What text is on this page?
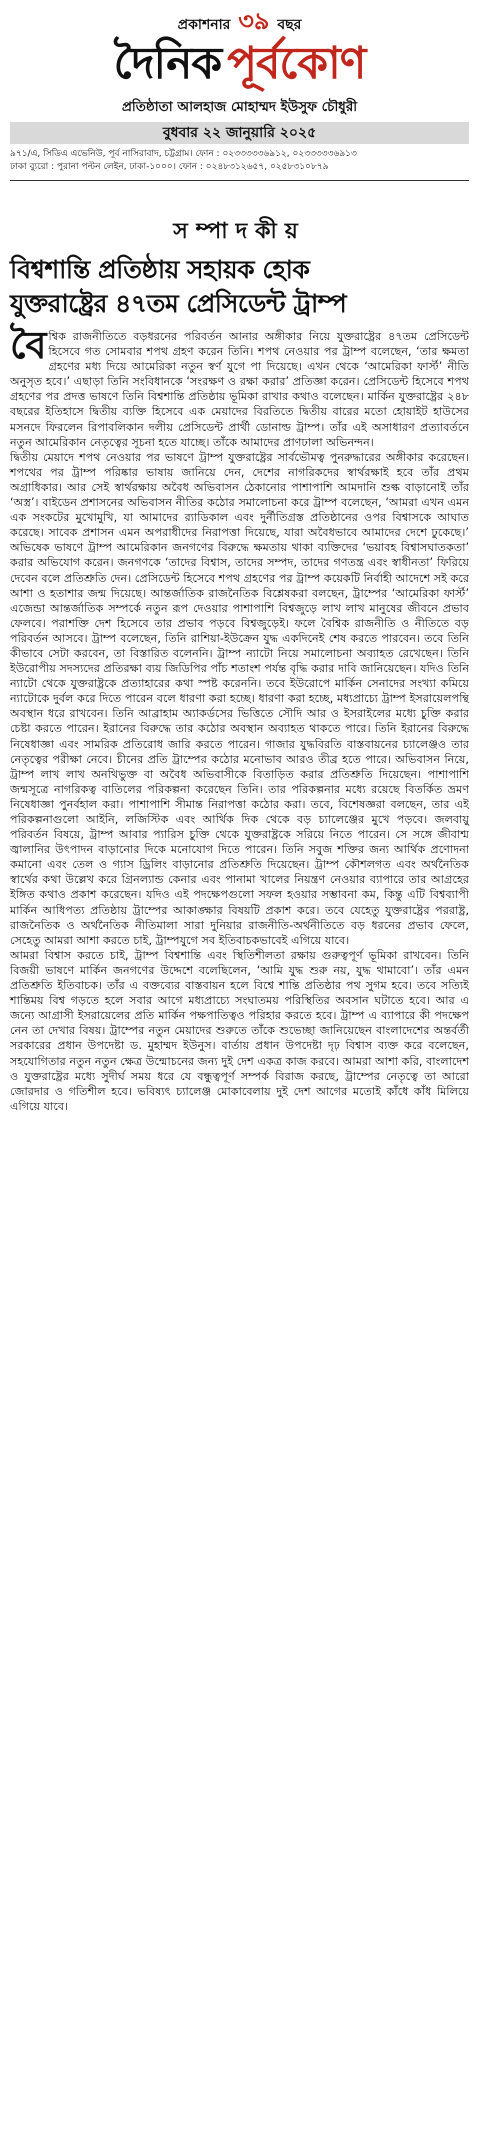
প্রকাশনার ৩৯ বছর
দৈনিক পূর্বকোণ
প্রতিষ্ঠাতা আলহাজ মোহাম্মদ ইউসুফ চৌধুরী
বুধবার ২২ জানুয়ারি ২০২৫
৯৭১/এ, সিডিএ এভেনিউ, পূর্ব নাসিরাবাদ, চট্টগ্রাম। ফোন : ০২৩৩৩৩৩৬৯১২, ০২৩৩৩৩৩৬৯১৩
ঢাকা ব্যুরো : পুরানা পল্টন লেইন, ঢাকা-১০০০। ফোন : ০২৪৮৩১২৬৫৭, ০২৫৮৩১০৮৭৯
সম্পাদকীয়
বিশ্বশান্তি প্রতিষ্ঠায় সহায়ক হোক
যুক্তরাষ্ট্রের ৪৭তম প্রেসিডেন্ট ট্রাম্প

বৈশ্বিক রাজনীতিতে বড়ধরনের পরিবর্তন আনার অঙ্গীকার নিয়ে যুক্তরাষ্ট্রের ৪৭তম প্রেসিডেন্ট হিসেবে গত সোমবার শপথ গ্রহণ করেন তিনি। শপথ নেওয়ার পর ট্রাম্প বলেছেন, ‘তার ক্ষমতা গ্রহণের মধ্য দিয়ে আমেরিকা নতুন স্বর্ণ যুগে পা দিয়েছে। এখন থেকে ‘আমেরিকা ফার্স্ট’ নীতি অনুসৃত হবে।’ এছাড়া তিনি সংবিধানকে ‘সংরক্ষণ ও রক্ষা করার’ প্রতিজ্ঞা করেন। প্রেসিডেন্ট হিসেবে শপথ গ্রহণের পর প্রদত্ত ভাষণে তিনি বিশ্বশান্তি প্রতিষ্ঠায় ভূমিকা রাখার কথাও বলেছেন। মার্কিন যুক্তরাষ্ট্রের ২৪৮ বছরের ইতিহাসে দ্বিতীয় ব্যক্তি হিসেবে এক মেয়াদের বিরতিতে দ্বিতীয় বারের মতো হোয়াইট হাউসের মসনদে ফিরলেন রিপাবলিকান দলীয় প্রেসিডেন্ট প্রার্থী ডোনাল্ড ট্রাম্প। তাঁর এই অসাধারণ প্রত্যাবর্তনে নতুন আমেরিকান নেতৃত্বের সূচনা হতে যাচ্ছে। তাঁকে আমাদের প্রাণঢালা অভিনন্দন।

দ্বিতীয় মেয়াদে শপথ নেওয়ার পর ভাষণে ট্রাম্প যুক্তরাষ্ট্রের সার্বভৌমত্ব পুনরুদ্ধারের অঙ্গীকার করেছেন। শপথের পর ট্রাম্প পরিষ্কার ভাষায় জানিয়ে দেন, দেশের নাগরিকদের স্বার্থরক্ষাই হবে তাঁর প্রথম অগ্রাধিকার। আর সেই স্বার্থরক্ষায় অবৈধ অভিবাসন ঠেকানোর পাশাপাশি আমদানি শুল্ক বাড়ানোই তাঁর ‘অস্ত্র’। বাইডেন প্রশাসনের অভিবাসন নীতির কঠোর সমালোচনা করে ট্রাম্প বলেছেন, ‘আমরা এখন এমন এক সংকটের মুখোমুখি, যা আমাদের র‍্যাডিকাল এবং দুর্নীতিগ্রস্ত প্রতিষ্ঠানের ওপর বিশ্বাসকে আঘাত করেছে। সাবেক প্রশাসন এমন অপরাধীদের নিরাপত্তা দিয়েছে, যারা অবৈধভাবে আমাদের দেশে ঢুকেছে।’ অভিষেক ভাষণে ট্রাম্প আমেরিকান জনগণের বিরুদ্ধে ক্ষমতায় থাকা ব্যক্তিদের ‘ভয়াবহ বিশ্বাসঘাতকতা’ করার অভিযোগ করেন। জনগণকে ‘তাদের বিশ্বাস, তাদের সম্পদ, তাদের গণতন্ত্র এবং স্বাধীনতা’ ফিরিয়ে দেবেন বলে প্রতিশ্রুতি দেন। প্রেসিডেন্ট হিসেবে শপথ গ্রহণের পর ট্রাম্প কয়েকটি নির্বাহী আদেশে সই করে আশা ও হতাশার জন্ম দিয়েছে। আন্তর্জাতিক রাজনৈতিক বিশ্লেষকরা বলছেন, ট্রাম্পের ‘আমেরিকা ফার্স্ট’ এজেন্ডা আন্তর্জাতিক সম্পর্কে নতুন রূপ দেওয়ার পাশাপাশি বিশ্বজুড়ে লাখ লাখ মানুষের জীবনে প্রভাব ফেলবে। পরাশক্তি দেশ হিসেবে তার প্রভাব পড়বে বিশ্বজুড়েই। ফলে বৈশ্বিক রাজনীতি ও নীতিতে বড় পরিবর্তন আসবে। ট্রাম্প বলেছেন, তিনি রাশিয়া-ইউক্রেন যুদ্ধ একদিনেই শেষ করতে পারবেন। তবে তিনি কীভাবে সেটা করবেন, তা বিস্তারিত বলেননি। ট্রাম্প ন্যাটো নিয়ে সমালোচনা অব্যাহত রেখেছেন। তিনি ইউরোপীয় সদস্যদের প্রতিরক্ষা ব্যয় জিডিপির পাঁচ শতাংশ পর্যন্ত বৃদ্ধি করার দাবি জানিয়েছেন। যদিও তিনি ন্যাটো থেকে যুক্তরাষ্ট্রকে প্রত্যাহারের কথা স্পষ্ট করেননি। তবে ইউরোপে মার্কিন সেনাদের সংখ্যা কমিয়ে ন্যাটোকে দুর্বল করে দিতে পারেন বলে ধারণা করা হচ্ছে। ধারণা করা হচ্ছে, মধ্যপ্রাচ্যে ট্রাম্প ইসরায়েলপন্থি অবস্থান ধরে রাখবেন। তিনি আব্রাহাম অ্যাকর্ডসের ভিত্তিতে সৌদি আর ও ইসরাইলের মধ্যে চুক্তি করার চেষ্টা করতে পারেন। ইরানের বিরুদ্ধে তার কঠোর অবস্থান অব্যাহত থাকতে পারে। তিনি ইরানের বিরুদ্ধে নিষেধাজ্ঞা এবং সামরিক প্রতিরোধ জারি করতে পারেন। গাজার যুদ্ধবিরতি বাস্তবায়নের চ্যালেঞ্জও তার নেতৃত্বের পরীক্ষা নেবে। চীনের প্রতি ট্রাম্পের কঠোর মনোভাব আরও তীব্র হতে পারে। অভিবাসন নিয়ে, ট্রাম্প লাখ লাখ অনথিভুক্ত বা অবৈধ অভিবাসীকে বিতাড়িত করার প্রতিশ্রুতি দিয়েছেন। পাশাপাশি জন্মসূত্রে নাগরিকত্ব বাতিলের পরিকল্পনা করেছেন তিনি। তার পরিকল্পনার মধ্যে রয়েছে বিতর্কিত ভ্রমণ নিষেধাজ্ঞা পুনর্বহাল করা। পাশাপাশি সীমান্ত নিরাপত্তা কঠোর করা। তবে, বিশেষজ্ঞরা বলছেন, তার এই পরিকল্পনাগুলো আইনি, লজিস্টিক এবং আর্থিক দিক থেকে বড় চ্যালেঞ্জের মুখে পড়বে। জলবায়ু পরিবর্তন বিষয়ে, ট্রাম্প আবার প্যারিস চুক্তি থেকে যুক্তরাষ্ট্রকে সরিয়ে নিতে পারেন। সে সঙ্গে জীবাশ্ম জ্বালানির উৎপাদন বাড়ানোর দিকে মনোযোগ দিতে পারেন। তিনি সবুজ শক্তির জন্য আর্থিক প্রণোদনা কমানো এবং তেল ও গ্যাস ড্রিলিং বাড়ানোর প্রতিশ্রুতি দিয়েছেন। ট্রাম্প কৌশলগত এবং অর্থনৈতিক স্বার্থের কথা উল্লেখ করে গ্রিনল্যান্ড কেনার এবং পানামা খালের নিয়ন্ত্রণ নেওয়ার ব্যাপারে তার আগ্রহের ইঙ্গিত কথাও প্রকাশ করেছেন। যদিও এই পদক্ষেপগুলো সফল হওয়ার সম্ভাবনা কম, কিন্তু এটি বিশ্বব্যাপী মার্কিন আধিপত্য প্রতিষ্ঠায় ট্রাম্পের আকাঙ্ক্ষার বিষয়টি প্রকাশ করে। তবে যেহেতু যুক্তরাষ্ট্রের পররাষ্ট্র, রাজনৈতিক ও অর্থনৈতিক নীতিমালা সারা দুনিয়ার রাজনীতি-অর্থনীতিতে বড় ধরনের প্রভাব ফেলে, সেহেতু আমরা আশা করতে চাই, ট্রাম্পযুগে সব ইতিবাচকভাবেই এগিয়ে যাবে।

আমরা বিশ্বাস করতে চাই, ট্রাম্প বিশ্বশান্তি এবং স্থিতিশীলতা রক্ষায় গুরুত্বপূর্ণ ভূমিকা রাখবেন। তিনি বিজয়ী ভাষণে মার্কিন জনগণের উদ্দেশে বলেছিলেন, ‘আমি যুদ্ধ শুরু নয়, যুদ্ধ থামাবো’। তাঁর এমন প্রতিশ্রুতি ইতিবাচক। তাঁর এ বক্তব্যের বাস্তবায়ন হলে বিশ্বে শান্তি প্রতিষ্ঠার পথ সুগম হবে। তবে সত্যিই শান্তিময় বিশ্ব গড়তে হলে সবার আগে মধ্যপ্রাচ্যে সংঘাতময় পরিস্থিতির অবসান ঘটাতে হবে। আর এ জন্যে আগ্রাসী ইসরায়েলের প্রতি মার্কিন পক্ষপাতিত্বও পরিহার করতে হবে। ট্রাম্প এ ব্যাপারে কী পদক্ষেপ নেন তা দেখার বিষয়। ট্রাম্পের নতুন মেয়াদের শুরুতে তাঁকে শুভেচ্ছা জানিয়েছেন বাংলাদেশের অন্তর্বর্তী সরকারের প্রধান উপদেষ্টা ড. মুহাম্মদ ইউনুস। বার্তায় প্রধান উপদেষ্টা দৃঢ় বিশ্বাস ব্যক্ত করে বলেছেন, সহযোগিতার নতুন নতুন ক্ষেত্র উন্মোচনের জন্য দুই দেশ একত্র কাজ করবে। আমরা আশা করি, বাংলাদেশ ও যুক্তরাষ্ট্রের মধ্যে সুদীর্ঘ সময় ধরে যে বন্ধুত্বপূর্ণ সম্পর্ক বিরাজ করছে, ট্রাম্পের নেতৃত্বে তা আরো জোরদার ও গতিশীল হবে। ভবিষ্যৎ চ্যালেঞ্জ মোকাবেলায় দুই দেশ আগের মতোই কাঁধে কাঁধ মিলিয়ে এগিয়ে যাবে।
